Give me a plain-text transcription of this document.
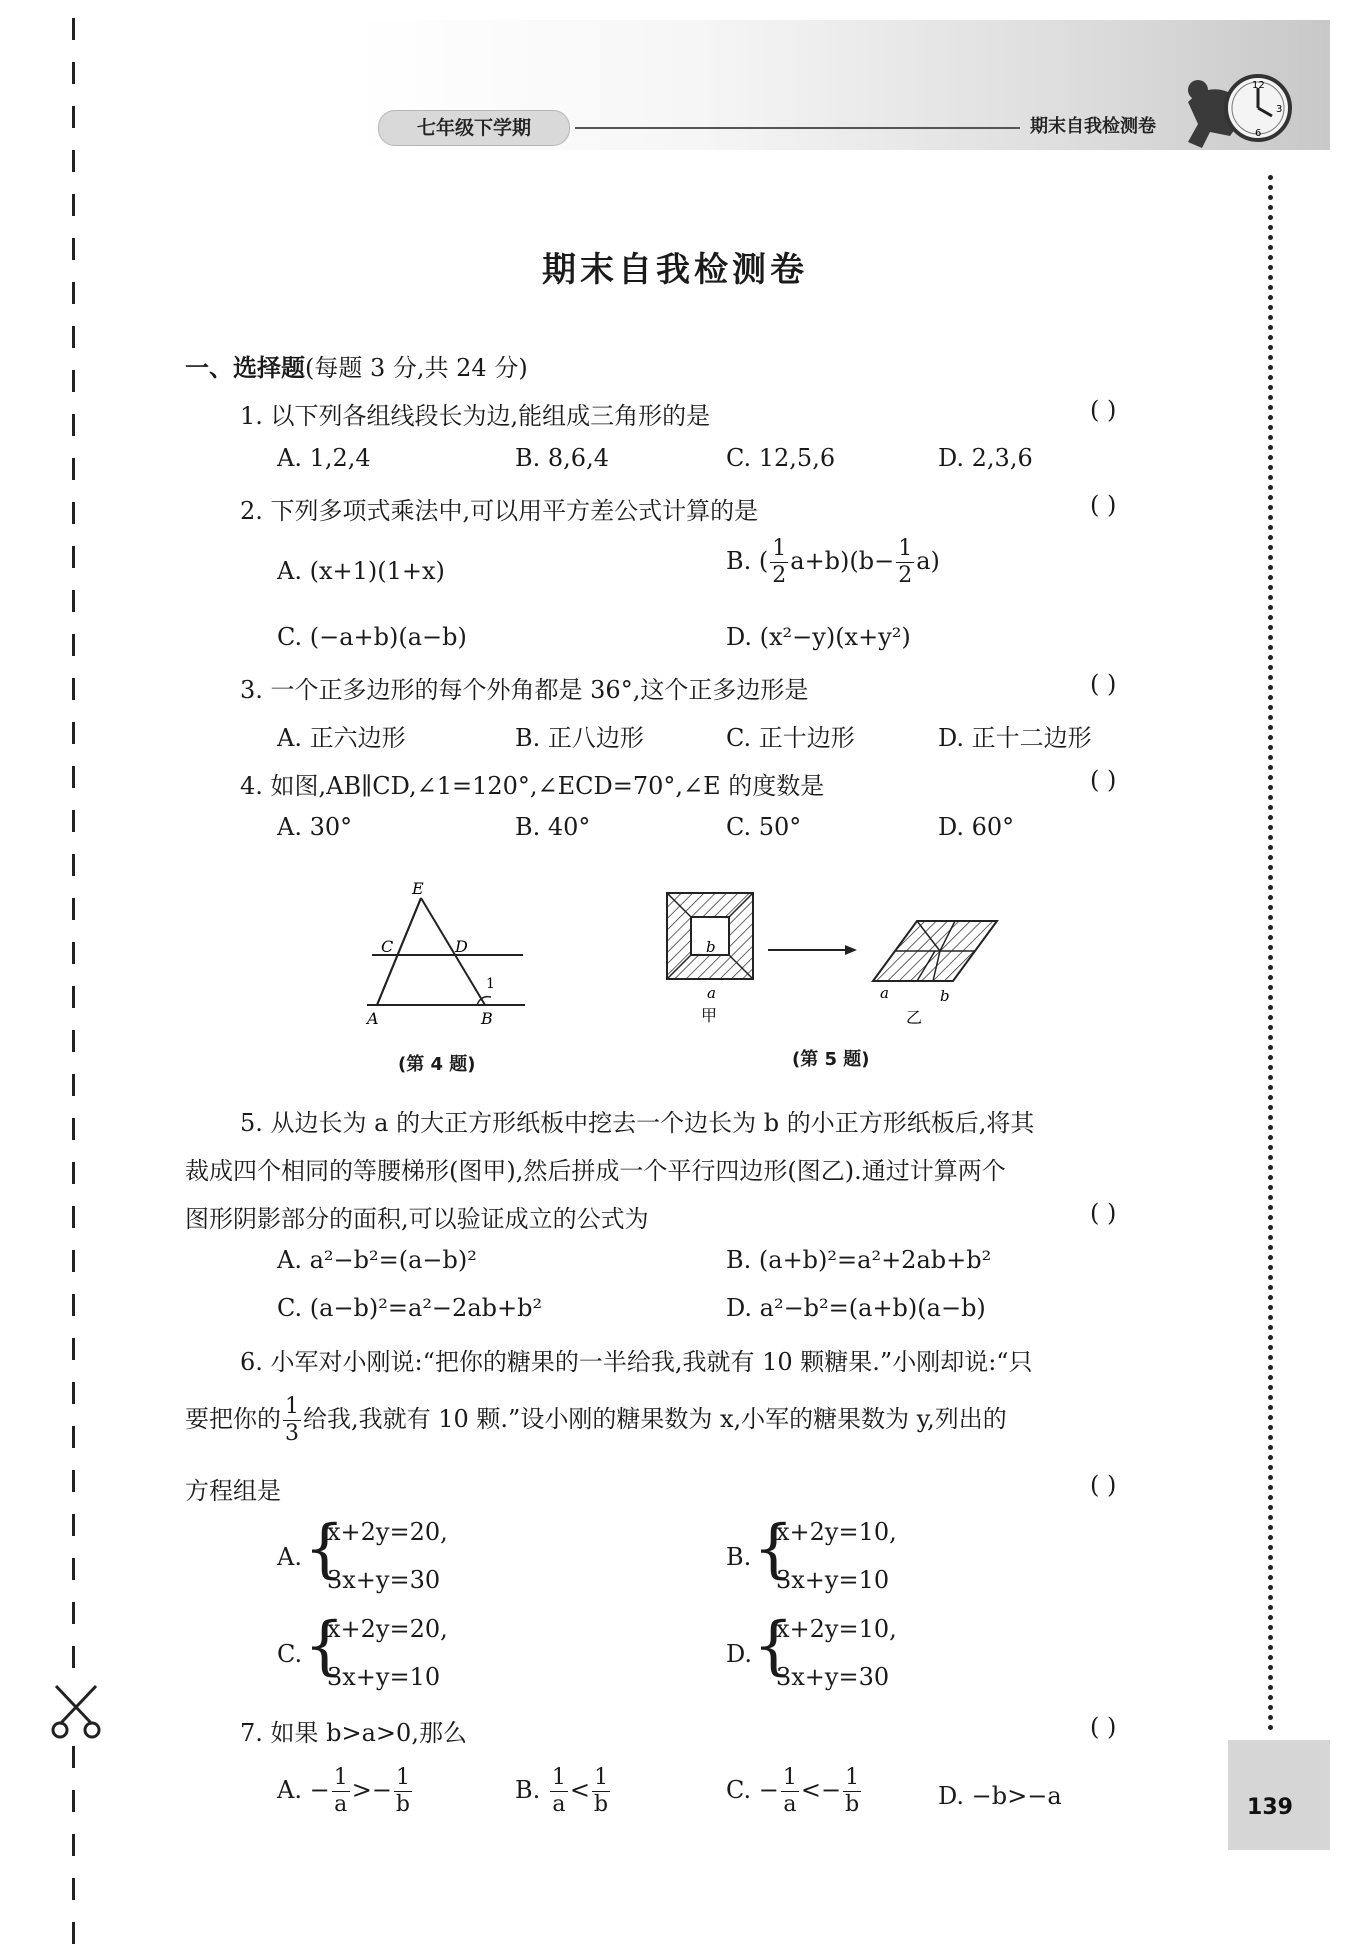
七年级下学期	期末自我检测卷
12
3
6
139
期末自我检测卷
一、选择题(每题 3 分,共 24 分)
1. 以下列各组线段长为边,能组成三角形的是	( )
A. 1,2,4	B. 8,6,4	C. 12,5,6	D. 2,3,6
2. 下列多项式乘法中,可以用平方差公式计算的是	( )
A. (x+1)(1+x)	B. ( $\frac{1}{2} a+b)(b- \frac{1}{2} a)$
C. (−a+b)(a−b)	D. (x²−y)(x+y²)
3. 一个正多边形的每个外角都是 36°,这个正多边形是	( )
A. 正六边形	B. 正八边形	C. 正十边形	D. 正十二边形
4. 如图,AB∥CD,∠1=120°,∠ECD=70°,∠E 的度数是	( )
A. 30°	B. 40°	C. 50°	D. 60°
E
C	D
A	B
1
(第 4 题)
b
a
甲
a	b
乙
(第 5 题)
5. 从边长为 a 的大正方形纸板中挖去一个边长为 b 的小正方形纸板后,将其
裁成四个相同的等腰梯形(图甲),然后拼成一个平行四边形(图乙).通过计算两个
图形阴影部分的面积,可以验证成立的公式为	( )
A. a²−b²=(a−b)²	B. (a+b)²=a²+2ab+b²
C. (a−b)²=a²−2ab+b²	D. a²−b²=(a+b)(a−b)
6. 小军对小刚说:“把你的糖果的一半给我,我就有 10 颗糖果.”小刚却说:“只
要把你的 $\frac{1}{3}$ 给我,我就有 10 颗.”设小刚的糖果数为 x,小军的糖果数为 y,列出的
方程组是	( )
A. {
x+2y=20,
3x+y=30
B. {
x+2y=10,
3x+y=10
C. {
x+2y=20,
3x+y=10
D. {
x+2y=10,
3x+y=30
7. 如果 b>a>0,那么	( )
A. − $\frac{1}{a} >- \frac{1}{b}$	B. $\frac{1}{a} < \frac{1}{b}$	C. − $\frac{1}{a} <- \frac{1}{b}$	D. −b>−a
